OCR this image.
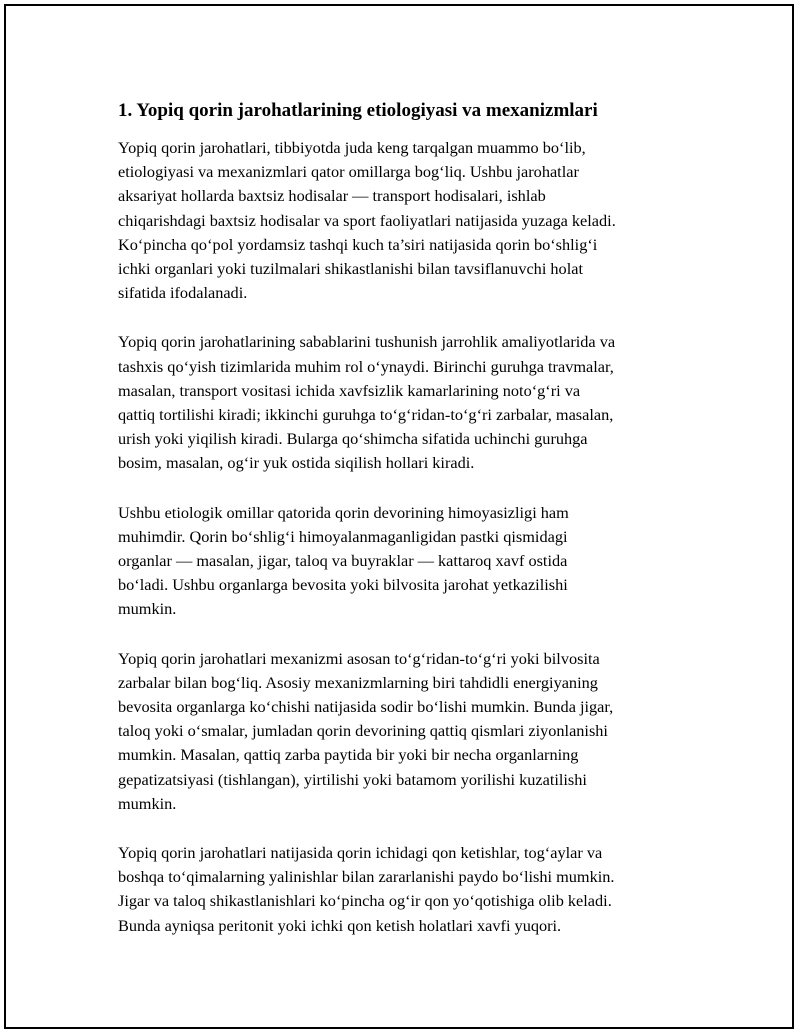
1. Yopiq qorin jarohatlarining etiologiyasi va mexanizmlari

Yopiq qorin jarohatlari, tibbiyotda juda keng tarqalgan muammo bo‘lib,
etiologiyasi va mexanizmlari qator omillarga bog‘liq. Ushbu jarohatlar
aksariyat hollarda baxtsiz hodisalar — transport hodisalari, ishlab
chiqarishdagi baxtsiz hodisalar va sport faoliyatlari natijasida yuzaga keladi.
Ko‘pincha qo‘pol yordamsiz tashqi kuch ta’siri natijasida qorin bo‘shlig‘i
ichki organlari yoki tuzilmalari shikastlanishi bilan tavsiflanuvchi holat
sifatida ifodalanadi.

Yopiq qorin jarohatlarining sabablarini tushunish jarrohlik amaliyotlarida va
tashxis qo‘yish tizimlarida muhim rol o‘ynaydi. Birinchi guruhga travmalar,
masalan, transport vositasi ichida xavfsizlik kamarlarining noto‘g‘ri va
qattiq tortilishi kiradi; ikkinchi guruhga to‘g‘ridan-to‘g‘ri zarbalar, masalan,
urish yoki yiqilish kiradi. Bularga qo‘shimcha sifatida uchinchi guruhga
bosim, masalan, og‘ir yuk ostida siqilish hollari kiradi.

Ushbu etiologik omillar qatorida qorin devorining himoyasizligi ham
muhimdir. Qorin bo‘shlig‘i himoyalanmaganligidan pastki qismidagi
organlar — masalan, jigar, taloq va buyraklar — kattaroq xavf ostida
bo‘ladi. Ushbu organlarga bevosita yoki bilvosita jarohat yetkazilishi
mumkin.

Yopiq qorin jarohatlari mexanizmi asosan to‘g‘ridan-to‘g‘ri yoki bilvosita
zarbalar bilan bog‘liq. Asosiy mexanizmlarning biri tahdidli energiyaning
bevosita organlarga ko‘chishi natijasida sodir bo‘lishi mumkin. Bunda jigar,
taloq yoki o‘smalar, jumladan qorin devorining qattiq qismlari ziyonlanishi
mumkin. Masalan, qattiq zarba paytida bir yoki bir necha organlarning
gepatizatsiyasi (tishlangan), yirtilishi yoki batamom yorilishi kuzatilishi
mumkin.

Yopiq qorin jarohatlari natijasida qorin ichidagi qon ketishlar, tog‘aylar va
boshqa to‘qimalarning yalinishlar bilan zararlanishi paydo bo‘lishi mumkin.
Jigar va taloq shikastlanishlari ko‘pincha og‘ir qon yo‘qotishiga olib keladi.
Bunda ayniqsa peritonit yoki ichki qon ketish holatlari xavfi yuqori.
